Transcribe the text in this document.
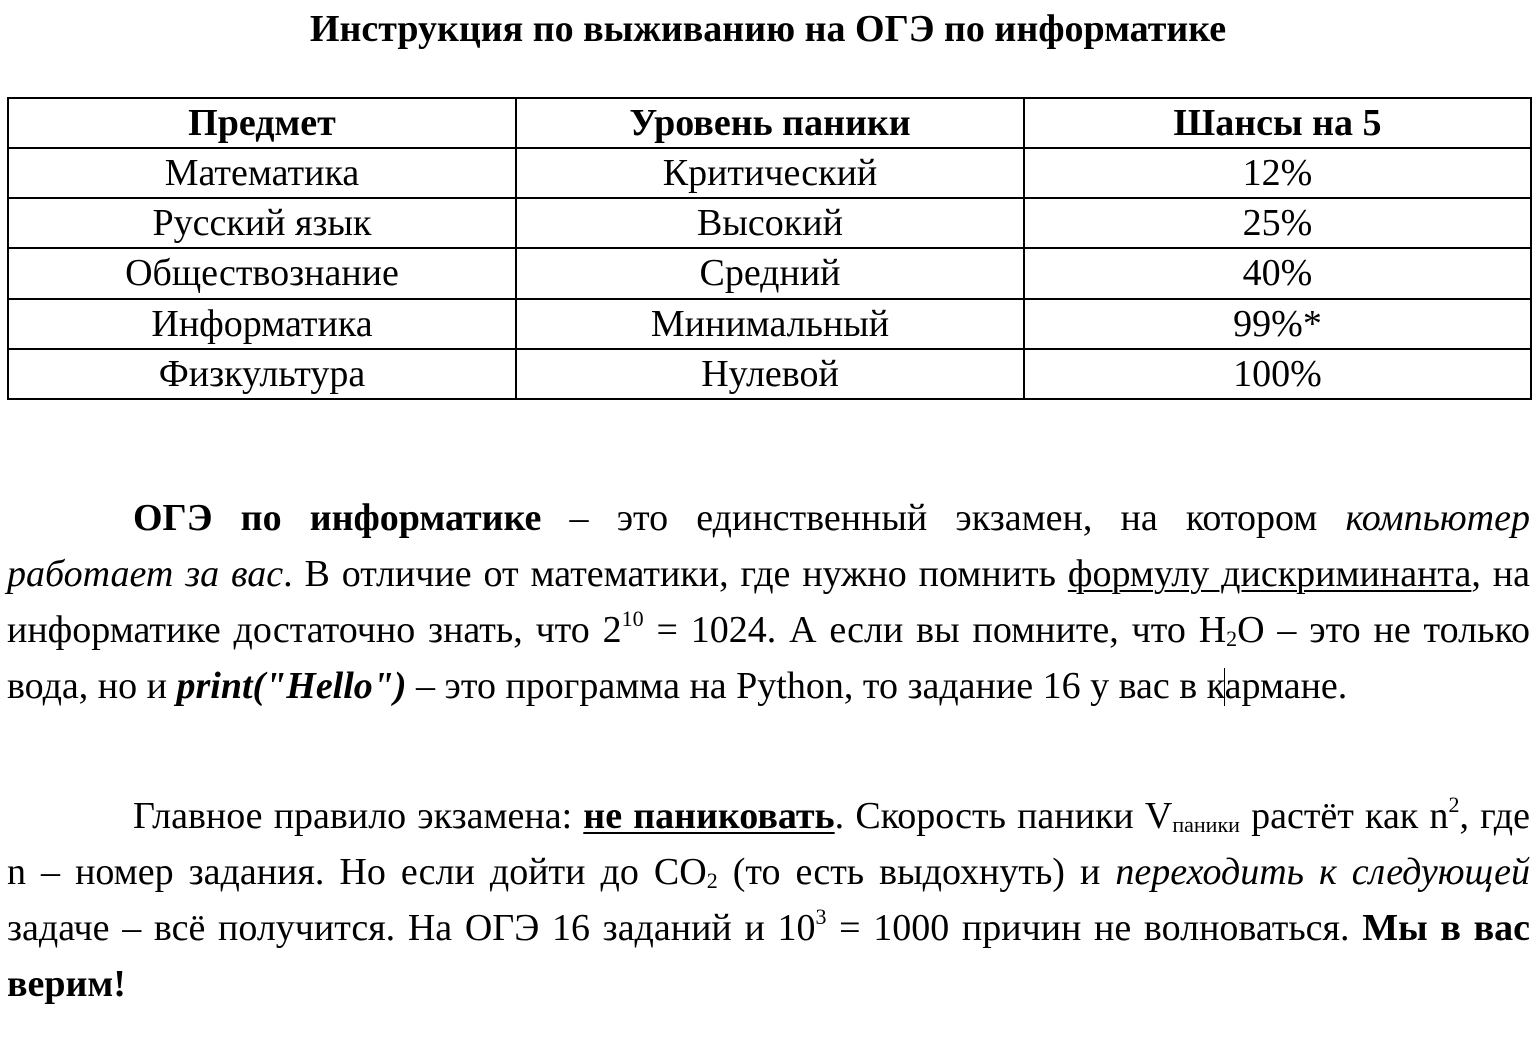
Инструкция по выживанию на ОГЭ по информатике
Предмет	Уровень паники	Шансы на 5
Математика	Критический	12%
Русский язык	Высокий	25%
Обществознание	Средний	40%
Информатика	Минимальный	99%*
Физкультура	Нулевой	100%

ОГЭ по информатике – это единственный экзамен, на котором компьютер работает за вас. В отличие от математики, где нужно помнить формулу дискриминанта, на информатике достаточно знать, что $2^{10} = 1024$. А если вы помните, что $H_2O$ – это не только вода, но и print("Hello") – это программа на Python, то задание 16 у вас в кармане.

Главное правило экзамена: не паниковать. Скорость паники $V_{паники}$ растёт как $n^2$, где n – номер задания. Но если дойти до $CO_2$ (то есть выдохнуть) и переходить к следующей задаче – всё получится. На ОГЭ 16 заданий и $10^3 = 1000$ причин не волноваться. Мы в вас верим!
